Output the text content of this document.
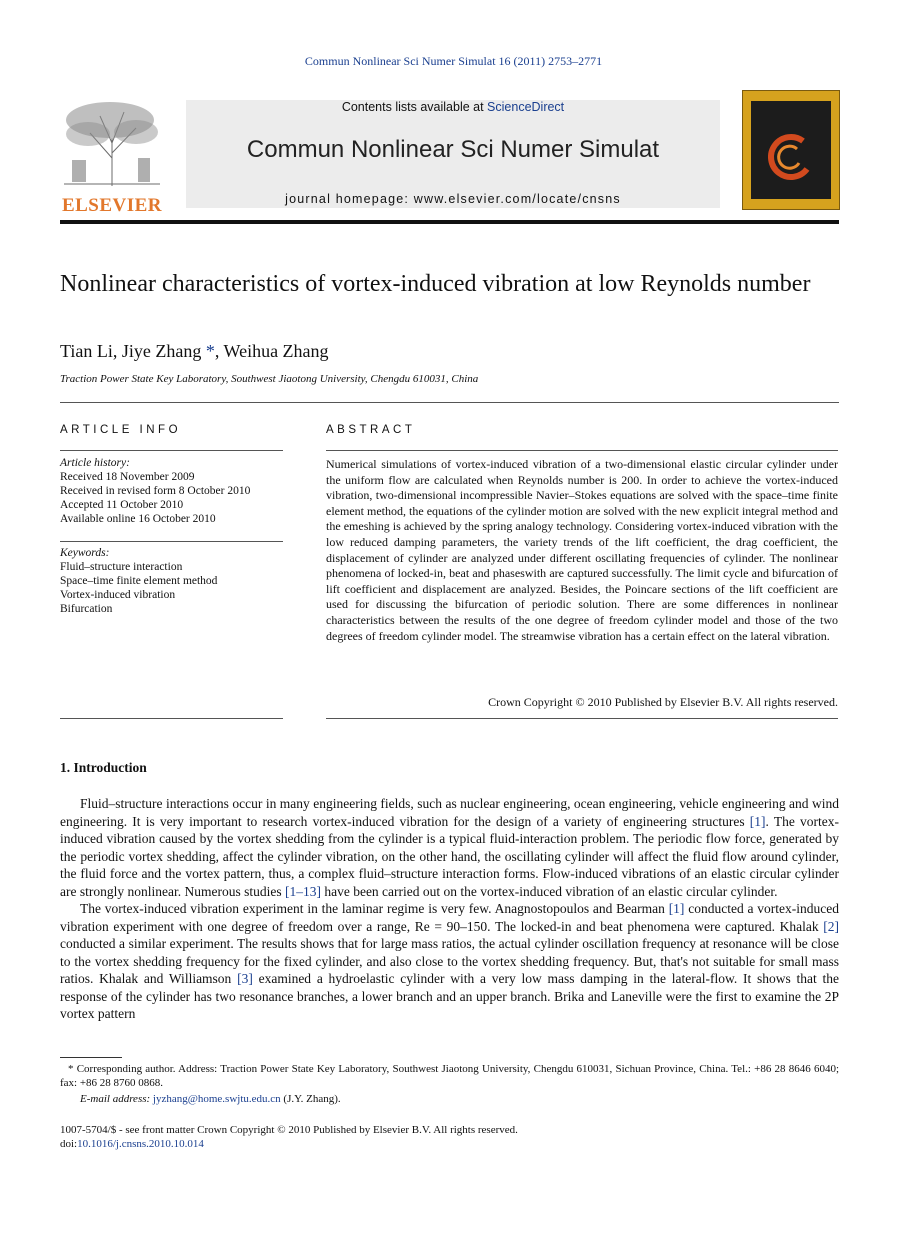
Commun Nonlinear Sci Numer Simulat 16 (2011) 2753–2771
ELSEVIER
Contents lists available at ScienceDirect
Commun Nonlinear Sci Numer Simulat
journal homepage: www.elsevier.com/locate/cnsns
Nonlinear characteristics of vortex-induced vibration at low Reynolds number
Tian Li, Jiye Zhang *, Weihua Zhang
Traction Power State Key Laboratory, Southwest Jiaotong University, Chengdu 610031, China
ARTICLE INFO
Article history:
Received 18 November 2009
Received in revised form 8 October 2010
Accepted 11 October 2010
Available online 16 October 2010
Keywords:
Fluid–structure interaction
Space–time finite element method
Vortex-induced vibration
Bifurcation
ABSTRACT
Numerical simulations of vortex-induced vibration of a two-dimensional elastic circular cylinder under the uniform flow are calculated when Reynolds number is 200. In order to achieve the vortex-induced vibration, two-dimensional incompressible Navier–Stokes equations are solved with the space–time finite element method, the equations of the cylinder motion are solved with the new explicit integral method and the emeshing is achieved by the spring analogy technology. Considering vortex-induced vibration with the low reduced damping parameters, the variety trends of the lift coefficient, the drag coefficient, the displacement of cylinder are analyzed under different oscillating frequencies of cylinder. The nonlinear phenomena of locked-in, beat and phaseswith are captured successfully. The limit cycle and bifurcation of lift coefficient and displacement are analyzed. Besides, the Poincare sections of the lift coefficient are used for discussing the bifurcation of periodic solution. There are some differences in nonlinear characteristics between the results of the one degree of freedom cylinder model and those of the two degrees of freedom cylinder model. The streamwise vibration has a certain effect on the lateral vibration.
Crown Copyright © 2010 Published by Elsevier B.V. All rights reserved.
1. Introduction

Fluid–structure interactions occur in many engineering fields, such as nuclear engineering, ocean engineering, vehicle engineering and wind engineering. It is very important to research vortex-induced vibration for the design of a variety of engineering structures [1]. The vortex-induced vibration caused by the vortex shedding from the cylinder is a typical fluid-interaction problem. The periodic flow force, generated by the periodic vortex shedding, affect the cylinder vibration, on the other hand, the oscillating cylinder will affect the fluid flow around cylinder, the fluid force and the vortex pattern, thus, a complex fluid–structure interaction forms. Flow-induced vibrations of an elastic circular cylinder are strongly nonlinear. Numerous studies [1–13] have been carried out on the vortex-induced vibration of an elastic circular cylinder.

The vortex-induced vibration experiment in the laminar regime is very few. Anagnostopoulos and Bearman [1] conducted a vortex-induced vibration experiment with one degree of freedom over a range, Re = 90–150. The locked-in and beat phenomena were captured. Khalak [2] conducted a similar experiment. The results shows that for large mass ratios, the actual cylinder oscillation frequency at resonance will be close to the vortex shedding frequency for the fixed cylinder, and also close to the vortex shedding frequency. But, that's not suitable for small mass ratios. Khalak and Williamson [3] examined a hydroelastic cylinder with a very low mass damping in the lateral-flow. It shows that the response of the cylinder has two resonance branches, a lower branch and an upper branch. Brika and Laneville were the first to examine the 2P vortex pattern

* Corresponding author. Address: Traction Power State Key Laboratory, Southwest Jiaotong University, Chengdu 610031, Sichuan Province, China. Tel.: +86 28 8646 6040; fax: +86 28 8760 0868.
E-mail address: jyzhang@home.swjtu.edu.cn (J.Y. Zhang).
1007-5704/$ - see front matter Crown Copyright © 2010 Published by Elsevier B.V. All rights reserved.
doi:10.1016/j.cnsns.2010.10.014
